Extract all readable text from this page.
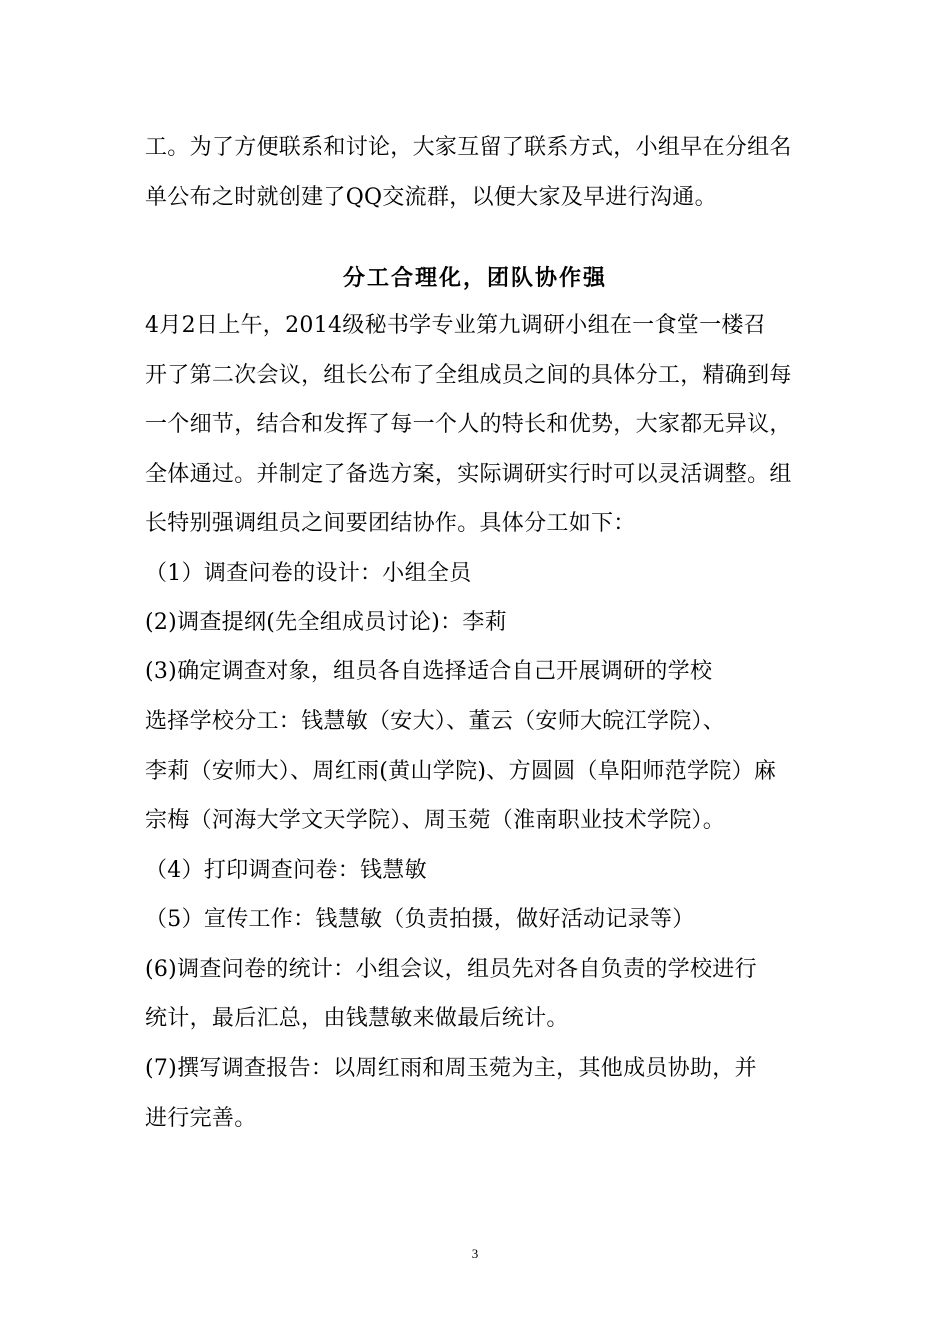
工。为了方便联系和讨论，大家互留了联系方式，小组早在分组名
单公布之时就创建了QQ交流群，以便大家及早进行沟通。
分工合理化，团队协作强
4月2日上午，2014级秘书学专业第九调研小组在一食堂一楼召
开了第二次会议，组长公布了全组成员之间的具体分工，精确到每
一个细节，结合和发挥了每一个人的特长和优势，大家都无异议，
全体通过。并制定了备选方案，实际调研实行时可以灵活调整。组
长特别强调组员之间要团结协作。具体分工如下：
（1）调查问卷的设计：小组全员
(2)调查提纲(先全组成员讨论)：李莉
(3)确定调查对象，组员各自选择适合自己开展调研的学校
选择学校分工：钱慧敏（安大）、董云（安师大皖江学院）、
李莉（安师大）、周红雨(黄山学院)、方圆圆（阜阳师范学院）麻
宗梅（河海大学文天学院）、周玉菀（淮南职业技术学院）。
（4）打印调查问卷：钱慧敏
（5）宣传工作：钱慧敏（负责拍摄，做好活动记录等）
(6)调查问卷的统计：小组会议，组员先对各自负责的学校进行
统计，最后汇总，由钱慧敏来做最后统计。
(7)撰写调查报告：以周红雨和周玉菀为主，其他成员协助，并
进行完善。
3
